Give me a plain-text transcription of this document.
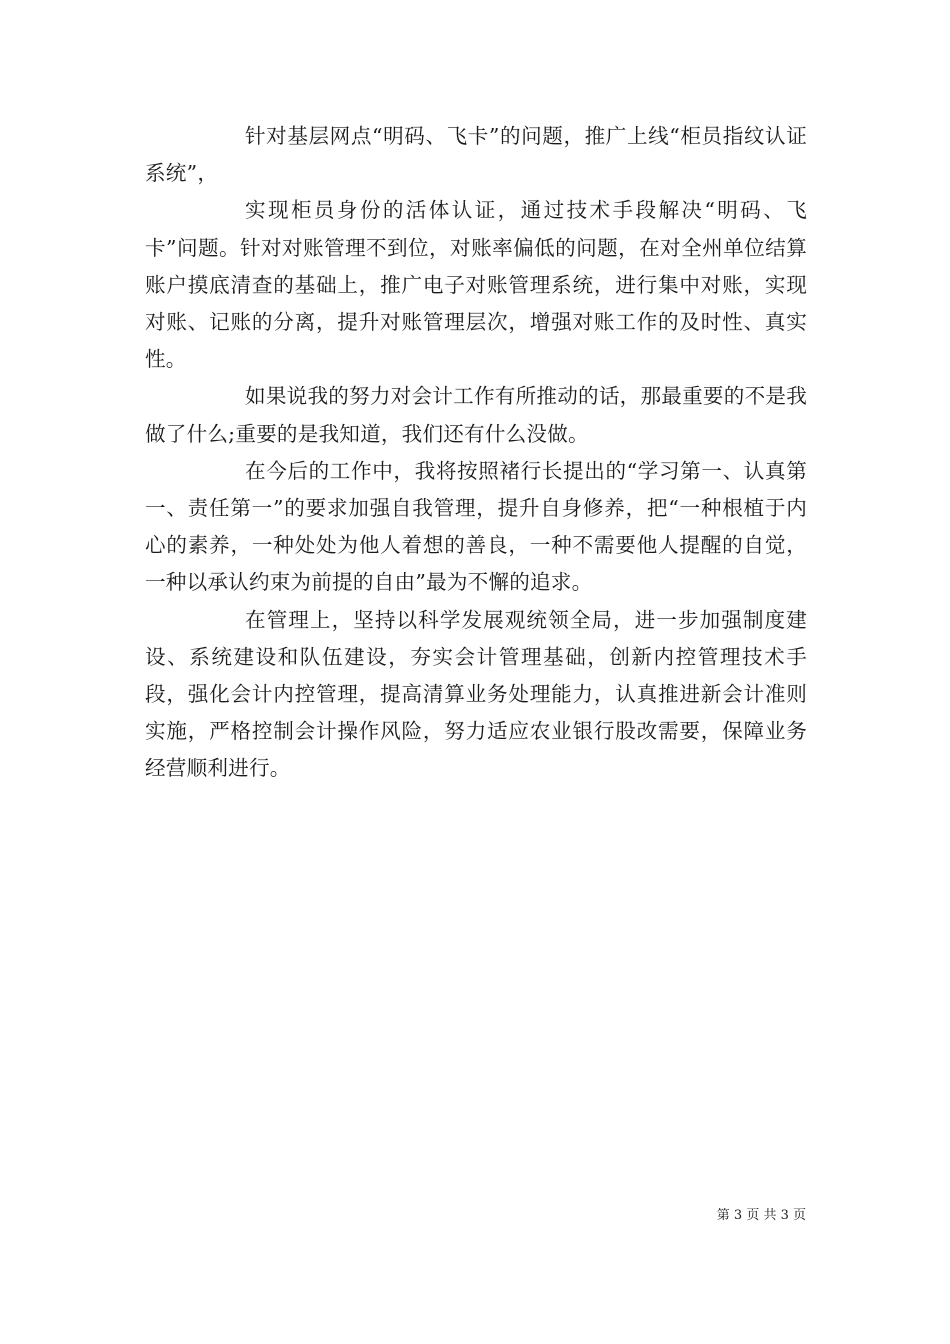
针对基层网点“明码、飞卡”的问题，推广上线“柜员指纹认证系统”，

实现柜员身份的活体认证，通过技术手段解决“明码、飞卡”问题。针对对账管理不到位，对账率偏低的问题，在对全州单位结算账户摸底清查的基础上，推广电子对账管理系统，进行集中对账，实现对账、记账的分离，提升对账管理层次，增强对账工作的及时性、真实性。

如果说我的努力对会计工作有所推动的话，那最重要的不是我做了什么;重要的是我知道，我们还有什么没做。

在今后的工作中，我将按照褚行长提出的“学习第一、认真第一、责任第一”的要求加强自我管理，提升自身修养，把“一种根植于内心的素养，一种处处为他人着想的善良，一种不需要他人提醒的自觉，一种以承认约束为前提的自由”最为不懈的追求。

在管理上，坚持以科学发展观统领全局，进一步加强制度建设、系统建设和队伍建设，夯实会计管理基础，创新内控管理技术手段，强化会计内控管理，提高清算业务处理能力，认真推进新会计准则实施，严格控制会计操作风险，努力适应农业银行股改需要，保障业务经营顺利进行。

第 3 页 共 3 页
